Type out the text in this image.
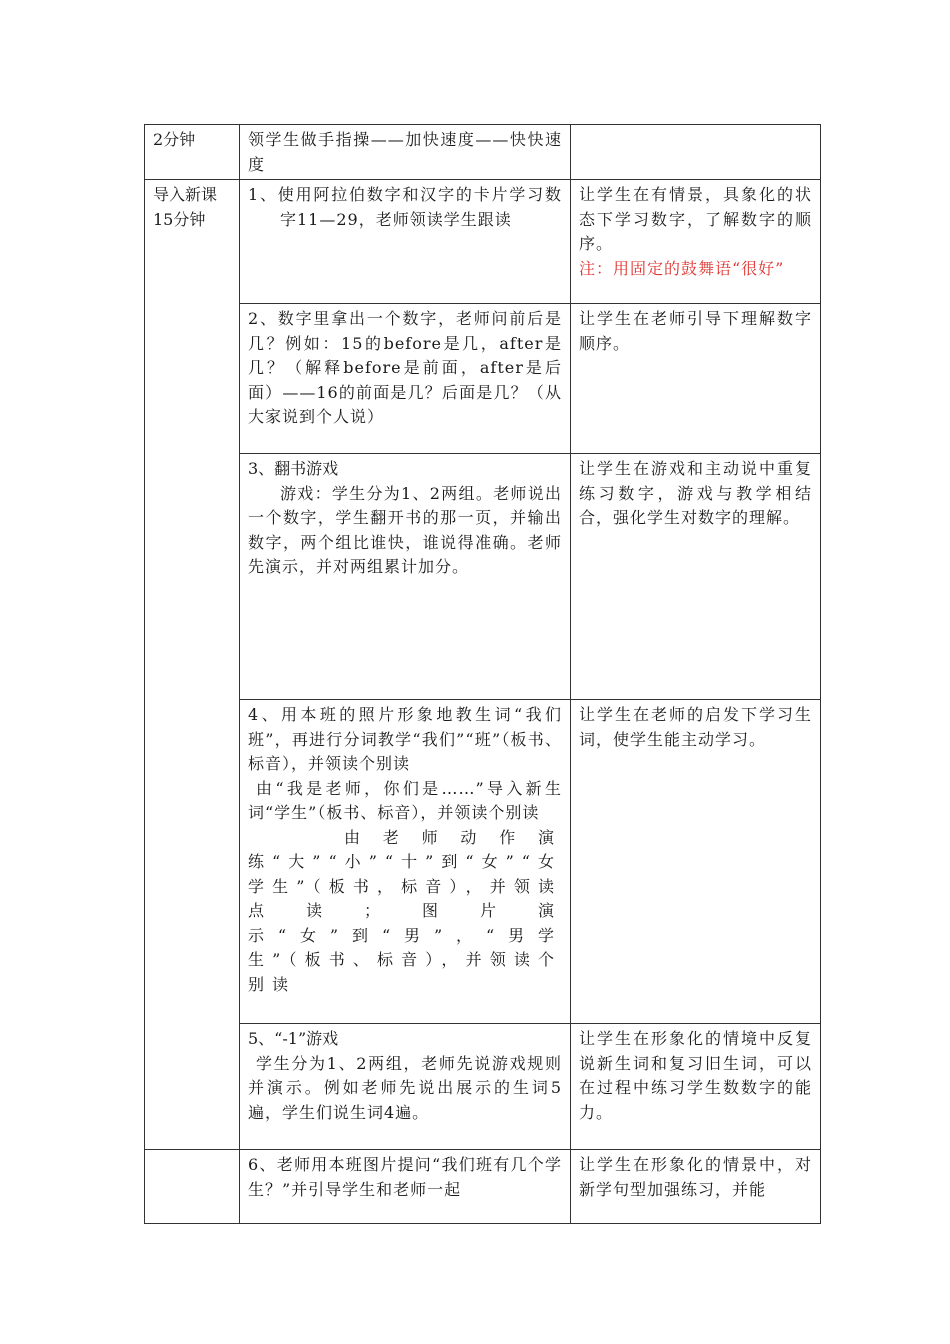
2分钟	领学生做手指操——加快速度——快快速度	

导入新课15分钟	1、使用阿拉伯数字和汉字的卡片学习数字11—29，老师领读学生跟读	让学生在有情景，具象化的状态下学习数字，了解数字的顺序。

注：用固定的鼓舞语“很好”

	2、数字里拿出一个数字，老师问前后是几？例如：15的before是几，after是几？（解释before是前面，after是后面）——16的前面是几？后面是几？（从大家说到个人说）	让学生在老师引导下理解数字顺序。

	3、翻书游戏

游戏：学生分为1、2两组。老师说出一个数字，学生翻开书的那一页，并输出数字，两个组比谁快，谁说得准确。老师先演示，并对两组累计加分。	让学生在游戏和主动说中重复练习数字，游戏与教学相结合，强化学生对数字的理解。

	4、用本班的照片形象地教生词“我们班”，再进行分词教学“我们”“班”（板书、标音），并领读个别读

由“我是老师，你们是……”导入新生词“学生”（板书、标音），并领读个别读

由老师动作演练“大”“小”“十”到“女”“女学生”（板书，标音），并领读点读；图片演示“女”到“男”，“男学生”（板书、标音），并领读个别读	让学生在老师的启发下学习生词，使学生能主动学习。

	5、“-1”游戏

学生分为1、2两组，老师先说游戏规则并演示。例如老师先说出展示的生词5遍，学生们说生词4遍。	让学生在形象化的情境中反复说新生词和复习旧生词，可以在过程中练习学生数数字的能力。

	6、老师用本班图片提问“我们班有几个学生？”并引导学生和老师一起	让学生在形象化的情景中，对新学句型加强练习，并能
